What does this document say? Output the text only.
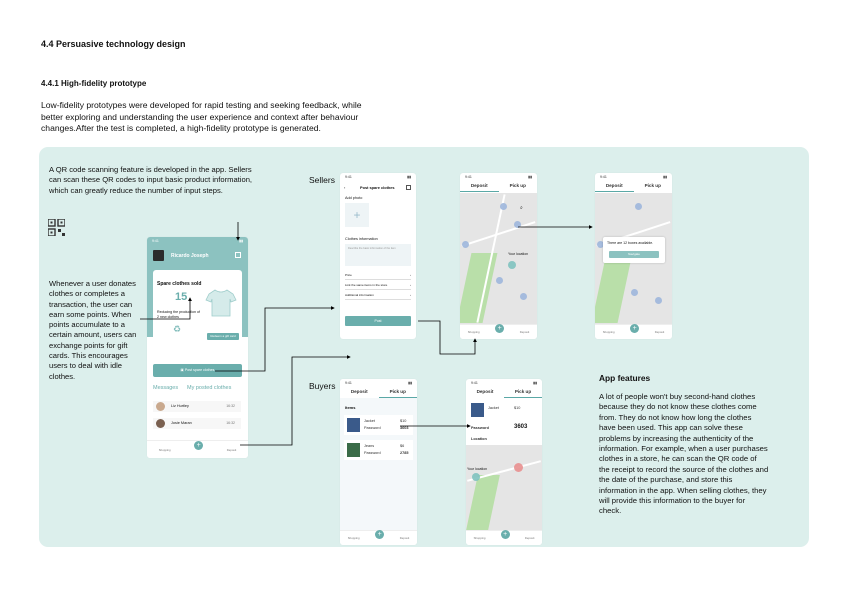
4.4 Persuasive technology design
4.4.1 High-fidelity prototype
Low-fidelity prototypes were developed for rapid testing and seeking feedback, while better exploring and understanding the user experience and context after behaviour changes.After the test is completed, a high-fidelity prototype is generated.
A QR code scanning feature is developed in the app. Sellers can scan these QR codes to input basic product information, which can greatly reduce the number of input steps.
Whenever a user donates clothes or completes a transaction, the user can earn some points. When points accumulate to a certain amount, users can exchange points for gift cards. This encourages users to deal with idle clothes.
Sellers
Buyers
App features
A lot of people won't buy second-hand clothes because they do not know these clothes come from. They do not know how long the clothes have been used. This app can solve these problems by increasing the authenticity of the information. For example, when a user purchases clothes in a store, he can scan the QR code of the receipt to record the source of the clothes and the date of the purchase, and store this information in the app. When selling clothes, they will provide this information to the buyer for check.
9:41	▮▮
Ricardo Joseph
Spare clothes sold
15
Reducing the production of 2 new clothes
♻
Redeem a gift card
▣ Post spare clothes
Messages My posted clothes
Liz Hurtley	16:32
Josie Maran	16:32
Shopping
+
Deposit
9:41	▮▮
‹	Post spare clothes
Add photo
+
Clothes information
Describe the basic information of the item
Price	›
Link the same items in the store	›
Additional information	›
Post
9:41	▮▮
Deposit	Pick up
Your location
⌕
Shopping
+
Deposit
9:41	▮▮
Deposit	Pick up
There are 12 boxes available.
Navigate
Shopping
+
Deposit
9:41	▮▮
Deposit	Pick up
Items
Jacket	$10
Password	3603
Jeans	$6
Password	2785
Shopping
+
Deposit
9:41	▮▮
Deposit	Pick up
Jacket	$10
Password	3603
Location
Your location
Shopping
+
Deposit
